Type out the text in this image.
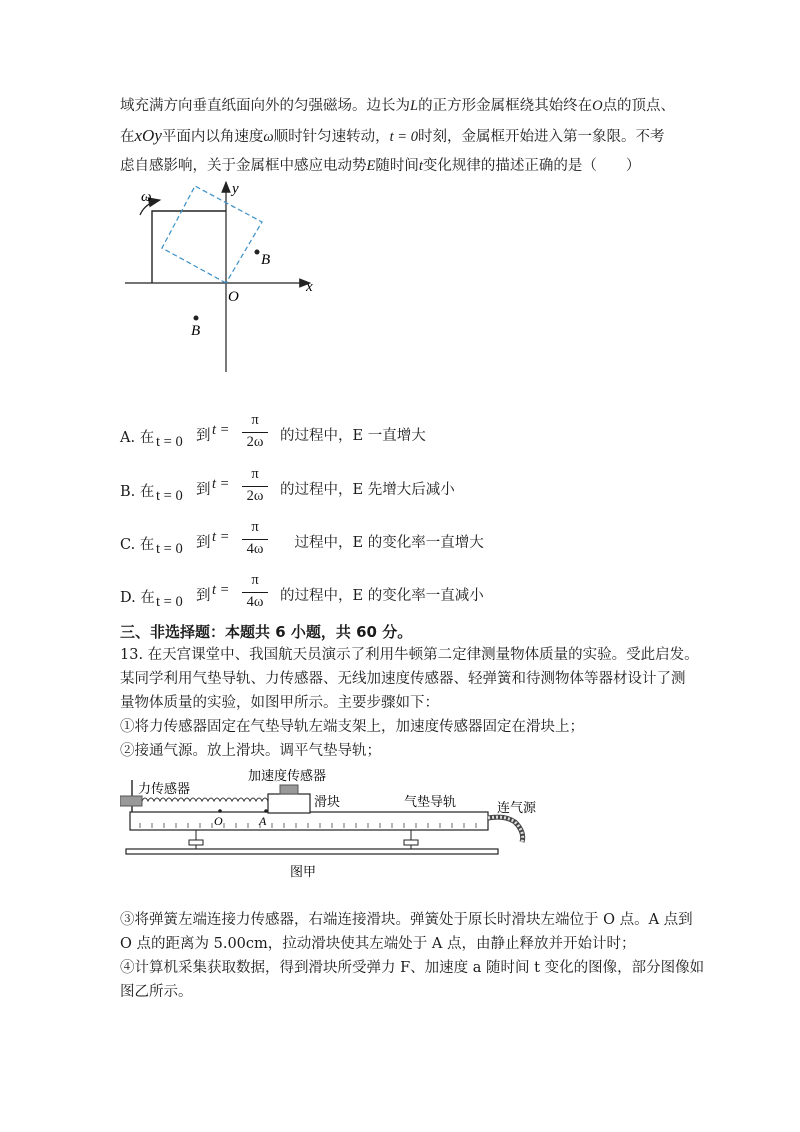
域充满方向垂直纸面向外的匀强磁场。边长为L的正方形金属框绕其始终在O点的顶点、
在xOy平面内以角速度ω顺时针匀速转动，t = 0时刻，金属框开始进入第一象限。不考
虑自感影响，关于金属框中感应电动势E随时间t变化规律的描述正确的是（　　）
ω	y
x
O
B
B
A. 在 t = 0 到 t =
π
2ω	的过程中，E 一直增大
B. 在 t = 0 到 t =
π
2ω	的过程中，E 先增大后减小
C. 在 t = 0 到 t =
π
4ω	　过程中，E 的变化率一直增大
D. 在 t = 0 到 t =
π
4ω	的过程中，E 的变化率一直减小
三、非选择题：本题共 6 小题，共 60 分。
13. 在天宫课堂中、我国航天员演示了利用牛顿第二定律测量物体质量的实验。受此启发。
某同学利用气垫导轨、力传感器、无线加速度传感器、轻弹簧和待测物体等器材设计了测
量物体质量的实验，如图甲所示。主要步骤如下：
①将力传感器固定在气垫导轨左端支架上，加速度传感器固定在滑块上；
②接通气源。放上滑块。调平气垫导轨；
力传感器
加速度传感器
滑块	气垫导轨	连气源
O	A
图甲
③将弹簧左端连接力传感器，右端连接滑块。弹簧处于原长时滑块左端位于 O 点。A 点到
O 点的距离为 5.00cm，拉动滑块使其左端处于 A 点，由静止释放并开始计时；
④计算机采集获取数据，得到滑块所受弹力 F、加速度 a 随时间 t 变化的图像，部分图像如
图乙所示。
